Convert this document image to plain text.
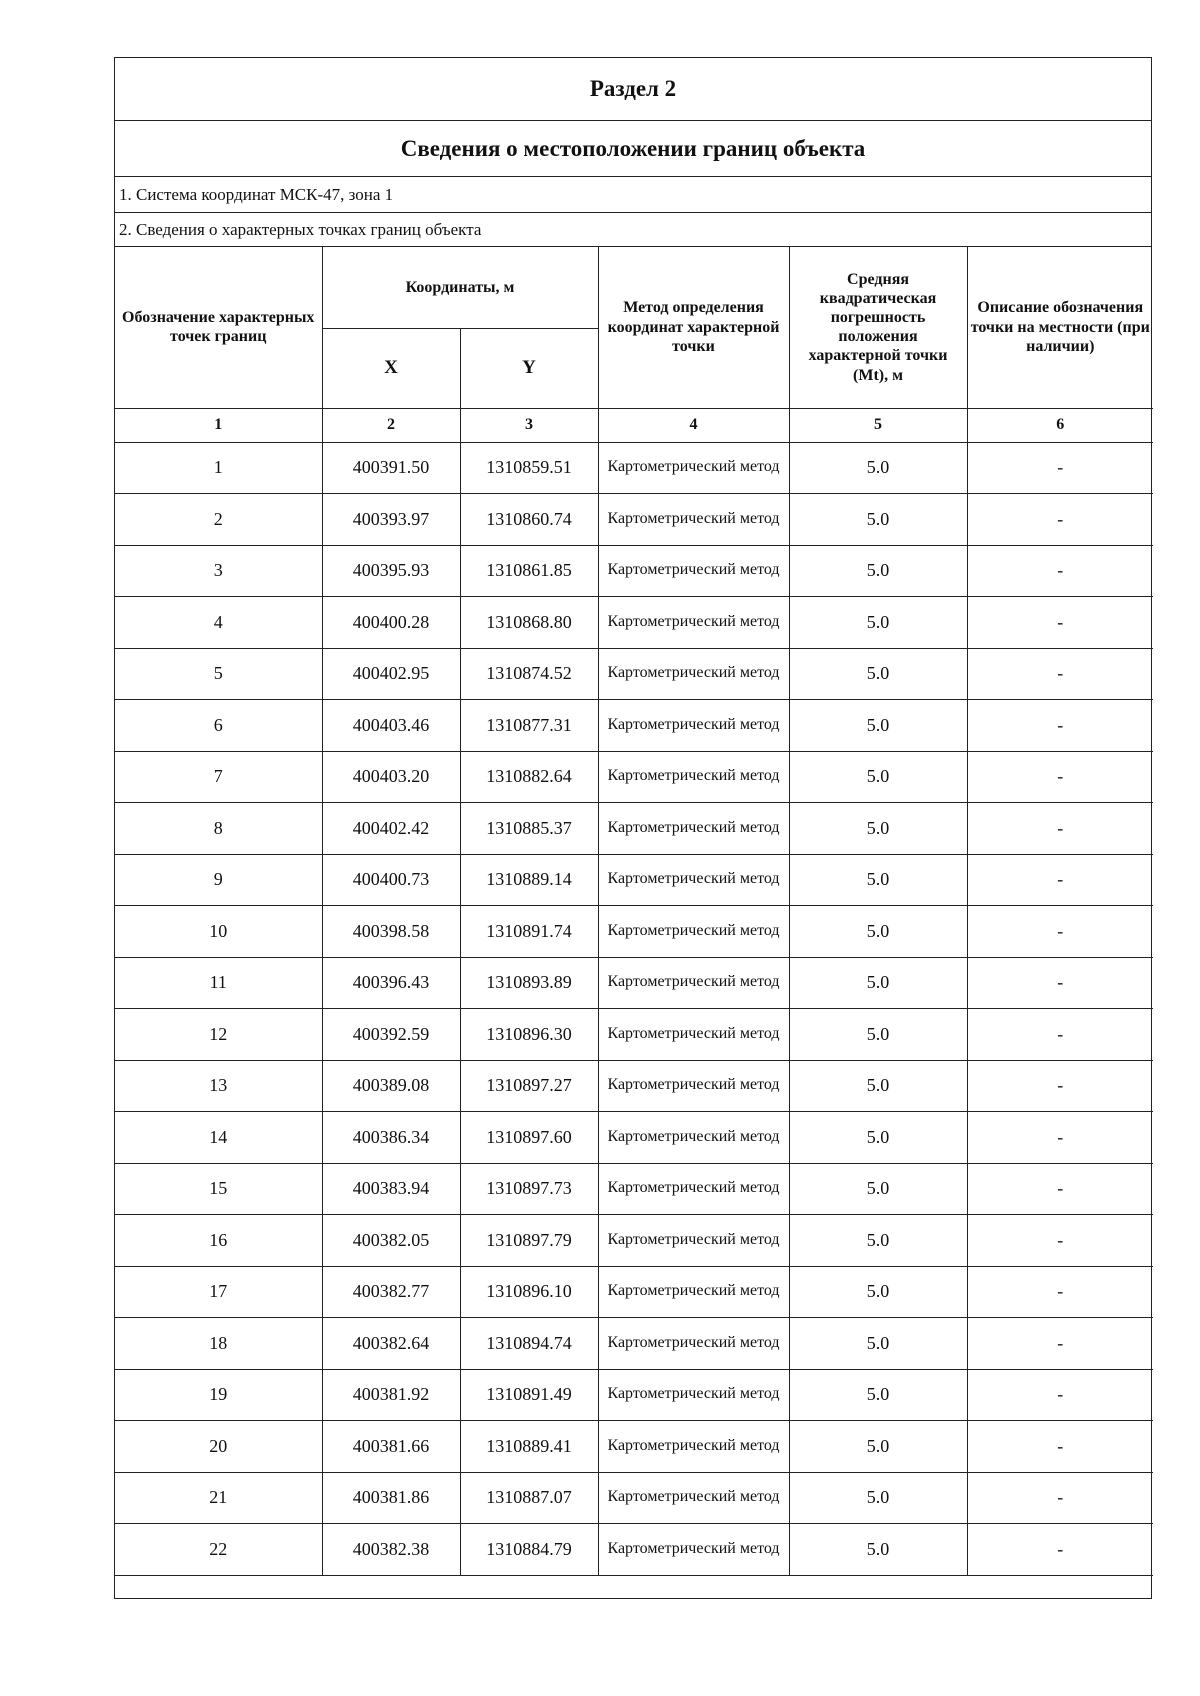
Раздел 2
Сведения о местоположении границ объекта
1. Система координат МСК-47, зона 1
2. Сведения о характерных точках границ объекта
Обозначение характерных точек границ	Координаты, м		Метод определения координат характерной точки	Средняя квадратическая погрешность положения характерной точки (Mt), м	Описание обозначения точки на местности (при наличии)
	X	Y			
1	2	3	4	5	6
1	400391.50	1310859.51	Картометрический метод	5.0	-
2	400393.97	1310860.74	Картометрический метод	5.0	-
3	400395.93	1310861.85	Картометрический метод	5.0	-
4	400400.28	1310868.80	Картометрический метод	5.0	-
5	400402.95	1310874.52	Картометрический метод	5.0	-
6	400403.46	1310877.31	Картометрический метод	5.0	-
7	400403.20	1310882.64	Картометрический метод	5.0	-
8	400402.42	1310885.37	Картометрический метод	5.0	-
9	400400.73	1310889.14	Картометрический метод	5.0	-
10	400398.58	1310891.74	Картометрический метод	5.0	-
11	400396.43	1310893.89	Картометрический метод	5.0	-
12	400392.59	1310896.30	Картометрический метод	5.0	-
13	400389.08	1310897.27	Картометрический метод	5.0	-
14	400386.34	1310897.60	Картометрический метод	5.0	-
15	400383.94	1310897.73	Картометрический метод	5.0	-
16	400382.05	1310897.79	Картометрический метод	5.0	-
17	400382.77	1310896.10	Картометрический метод	5.0	-
18	400382.64	1310894.74	Картометрический метод	5.0	-
19	400381.92	1310891.49	Картометрический метод	5.0	-
20	400381.66	1310889.41	Картометрический метод	5.0	-
21	400381.86	1310887.07	Картометрический метод	5.0	-
22	400382.38	1310884.79	Картометрический метод	5.0	-
